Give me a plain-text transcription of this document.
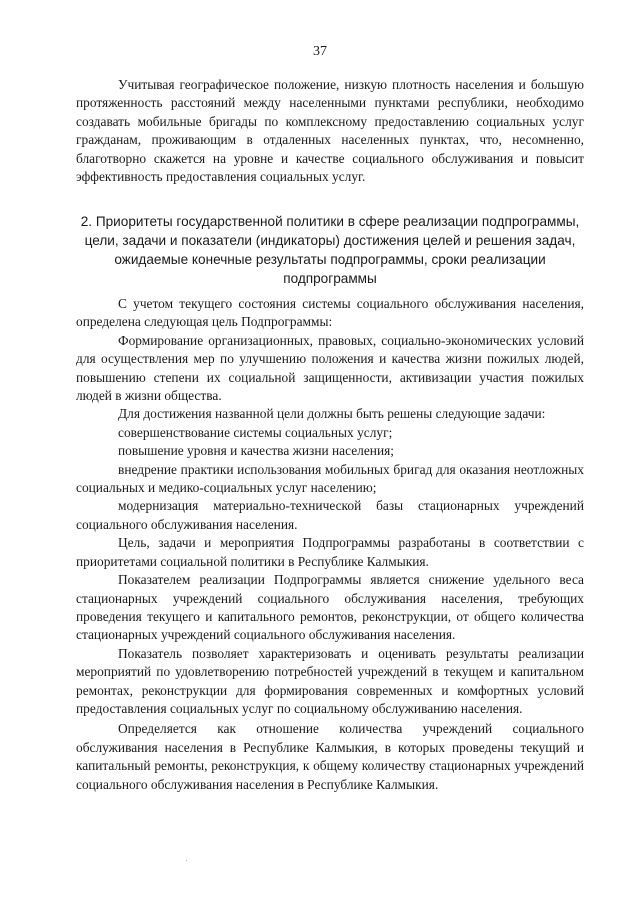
37

Учитывая географическое положение, низкую плотность населения и большую протяженность расстояний между населенными пунктами республики, необходимо создавать мобильные бригады по комплексному предоставлению социальных услуг гражданам, проживающим в отдаленных населенных пунктах, что, несомненно, благотворно скажется на уровне и качестве социального обслуживания и повысит эффективность предоставления социальных услуг.

2. Приоритеты государственной политики в сфере реализации подпрограммы, цели, задачи и показатели (индикаторы) достижения целей и решения задач, ожидаемые конечные результаты подпрограммы, сроки реализации подпрограммы

С учетом текущего состояния системы социального обслуживания населения, определена следующая цель Подпрограммы:

Формирование организационных, правовых, социально-экономических условий для осуществления мер по улучшению положения и качества жизни пожилых людей, повышению степени их социальной защищенности, активизации участия пожилых людей в жизни общества.

Для достижения названной цели должны быть решены следующие задачи:

совершенствование системы социальных услуг;

повышение уровня и качества жизни населения;

внедрение практики использования мобильных бригад для оказания неотложных социальных и медико-социальных услуг населению;

модернизация материально-технической базы стационарных учреждений социального обслуживания населения.

Цель, задачи и мероприятия Подпрограммы разработаны в соответствии с приоритетами социальной политики в Республике Калмыкия.

Показателем реализации Подпрограммы является снижение удельного веса стационарных учреждений социального обслуживания населения, требующих проведения текущего и капитального ремонтов, реконструкции, от общего количества стационарных учреждений социального обслуживания населения.

Показатель позволяет характеризовать и оценивать результаты реализации мероприятий по удовлетворению потребностей учреждений в текущем и капитальном ремонтах, реконструкции для формирования современных и комфортных условий предоставления социальных услуг по социальному обслуживанию населения.

Определяется как отношение количества учреждений социального обслуживания населения в Республике Калмыкия, в которых проведены текущий и капитальный ремонты, реконструкция, к общему количеству стационарных учреждений социального обслуживания населения в Республике Калмыкия.
